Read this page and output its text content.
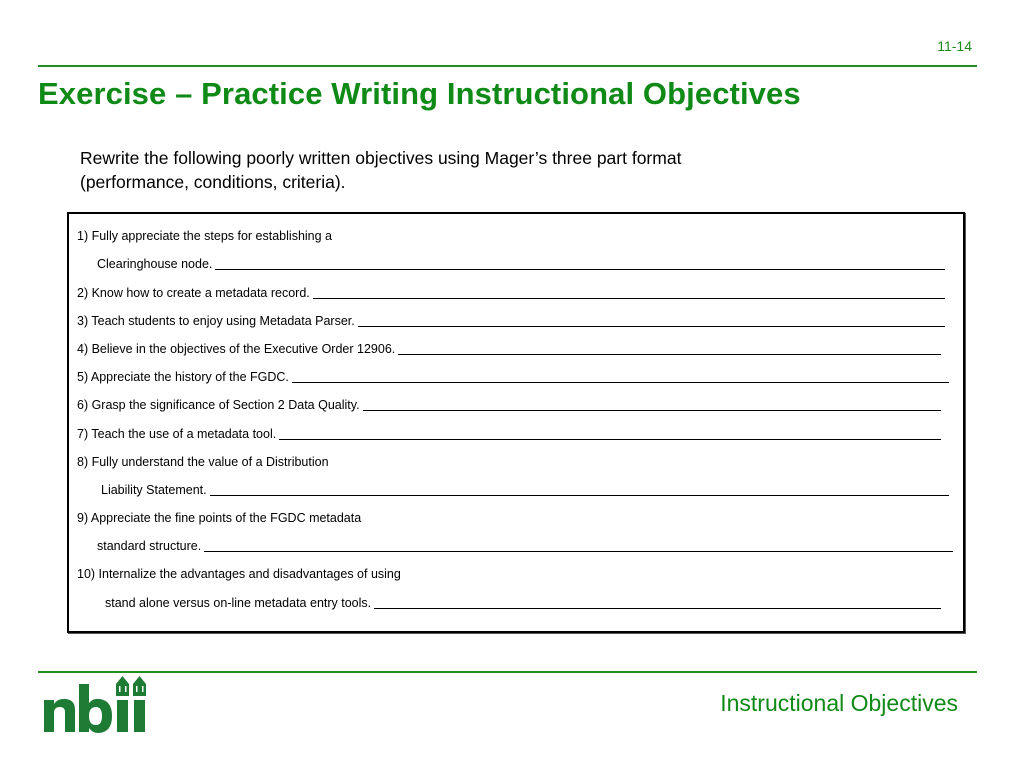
11-14
Exercise – Practice Writing Instructional Objectives
Rewrite the following poorly written objectives using Mager’s three part format
(performance, conditions, criteria).
1) Fully appreciate the steps for establishing a
Clearinghouse node.
2) Know how to create a metadata record.
3) Teach students to enjoy using Metadata Parser.
4) Believe in the objectives of the Executive Order 12906.
5) Appreciate the history of the FGDC.
6) Grasp the significance of Section 2 Data Quality.
7) Teach the use of a metadata tool.
8) Fully understand the value of a Distribution
Liability Statement.
9) Appreciate the fine points of the FGDC metadata
standard structure.
10) Internalize the advantages and disadvantages of using
stand alone versus on-line metadata entry tools.
Instructional Objectives
